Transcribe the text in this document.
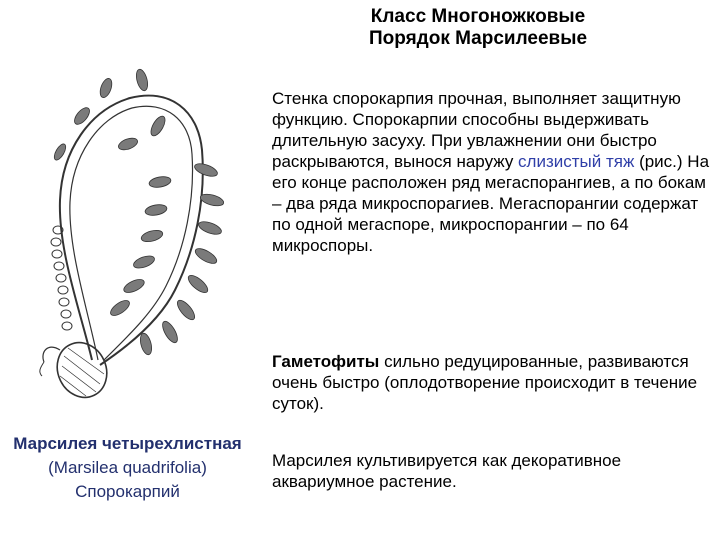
Класс Многоножковые
Порядок Марсилеевые
Стенка спорокарпия прочная, выполняет защитную функцию. Спорокарпии способны выдерживать длительную засуху. При увлажнении они быстро раскрываются, вынося наружу слизистый тяж (рис.) На его конце расположен ряд мегаспорангиев, а по бокам – два ряда микроспорагиев. Мегаспорангии содержат по одной мегаспоре, микроспорангии – по 64 микроспоры.
Гаметофиты сильно редуцированные, развиваются очень быстро (оплодотворение происходит в течение суток).
Марсилея культивируется как декоративное аквариумное растение.
Марсилея четырехлистная
(Marsilea quadrifolia)
Спорокарпий
